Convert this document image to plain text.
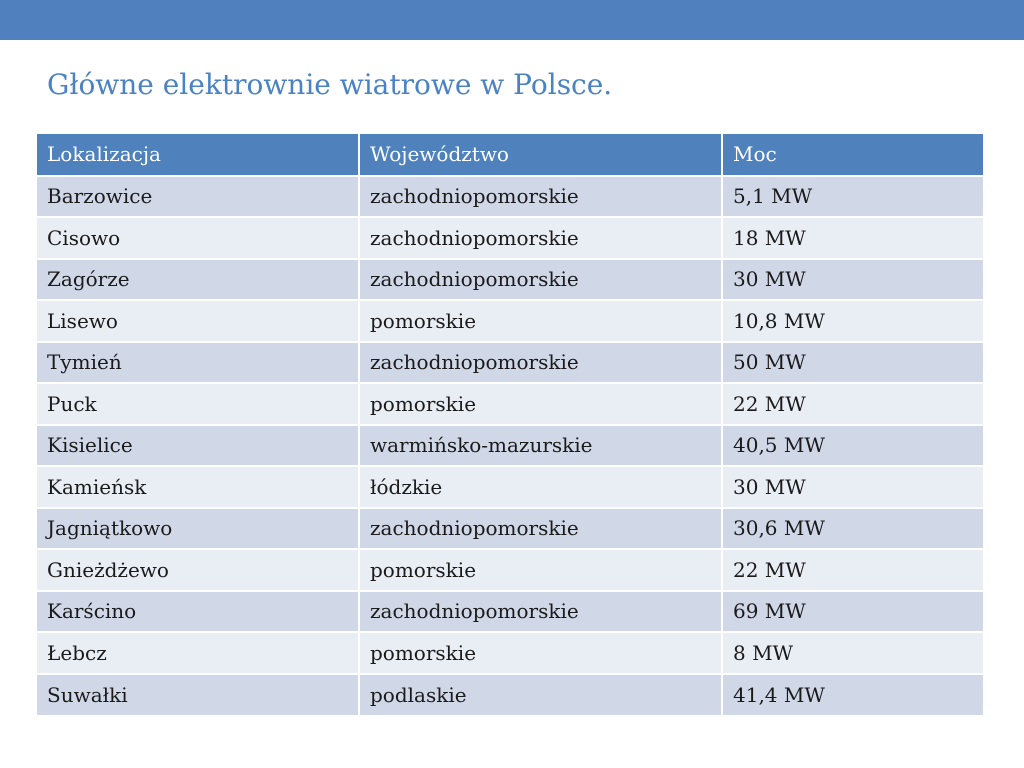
Główne elektrownie wiatrowe w Polsce.
Lokalizacja	Województwo	Moc
Barzowice	zachodniopomorskie	5,1 MW
Cisowo	zachodniopomorskie	18 MW
Zagórze	zachodniopomorskie	30 MW
Lisewo	pomorskie	10,8 MW
Tymień	zachodniopomorskie	50 MW
Puck	pomorskie	22 MW
Kisielice	warmińsko-mazurskie	40,5 MW
Kamieńsk	łódzkie	30 MW
Jagniątkowo	zachodniopomorskie	30,6 MW
Gnieżdżewo	pomorskie	22 MW
Karścino	zachodniopomorskie	69 MW
Łebcz	pomorskie	8 MW
Suwałki	podlaskie	41,4 MW
